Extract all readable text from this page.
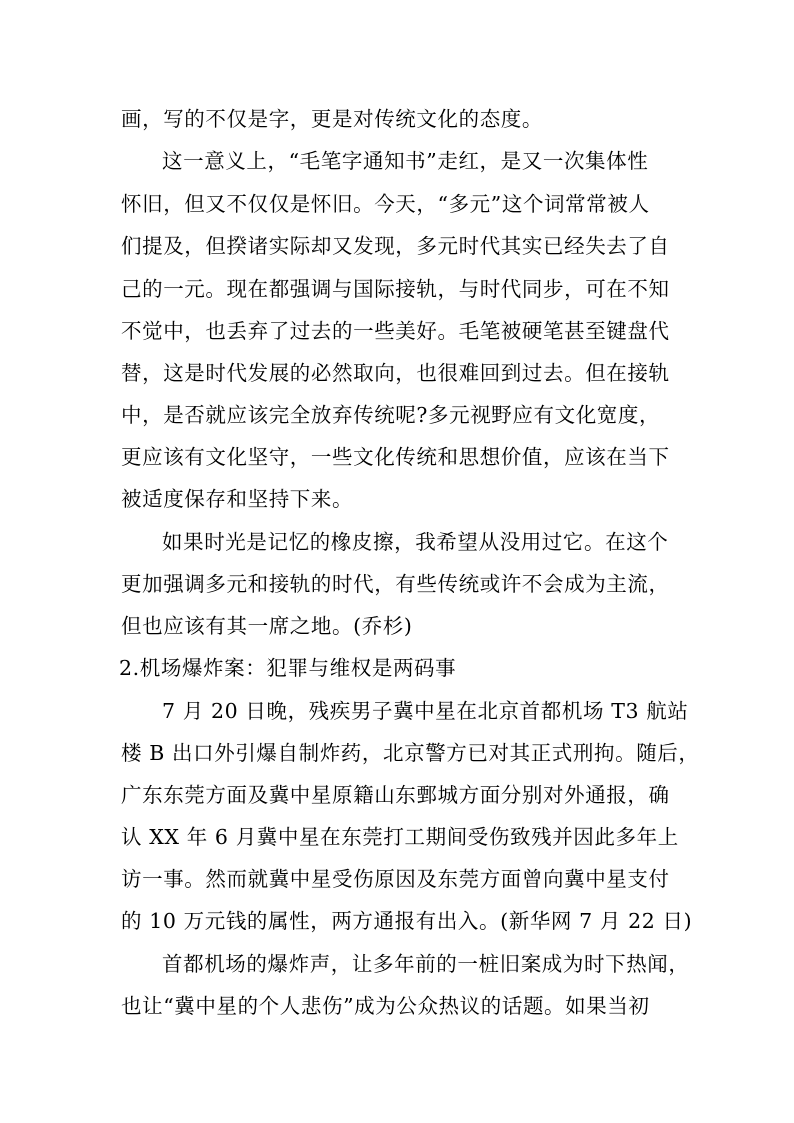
画，写的不仅是字，更是对传统文化的态度。
这一意义上，“毛笔字通知书”走红，是又一次集体性
怀旧，但又不仅仅是怀旧。今天，“多元”这个词常常被人
们提及，但揆诸实际却又发现，多元时代其实已经失去了自
己的一元。现在都强调与国际接轨，与时代同步，可在不知
不觉中，也丢弃了过去的一些美好。毛笔被硬笔甚至键盘代
替，这是时代发展的必然取向，也很难回到过去。但在接轨
中，是否就应该完全放弃传统呢?多元视野应有文化宽度，
更应该有文化坚守，一些文化传统和思想价值，应该在当下
被适度保存和坚持下来。
如果时光是记忆的橡皮擦，我希望从没用过它。在这个
更加强调多元和接轨的时代，有些传统或许不会成为主流，
但也应该有其一席之地。(乔杉)
2.机场爆炸案：犯罪与维权是两码事
7 月 20 日晚，残疾男子冀中星在北京首都机场 T3 航站
楼 B 出口外引爆自制炸药，北京警方已对其正式刑拘。随后，
广东东莞方面及冀中星原籍山东鄄城方面分别对外通报，确
认 XX 年 6 月冀中星在东莞打工期间受伤致残并因此多年上
访一事。然而就冀中星受伤原因及东莞方面曾向冀中星支付
的 10 万元钱的属性，两方通报有出入。(新华网 7 月 22 日)
首都机场的爆炸声，让多年前的一桩旧案成为时下热闻，
也让“冀中星的个人悲伤”成为公众热议的话题。如果当初
